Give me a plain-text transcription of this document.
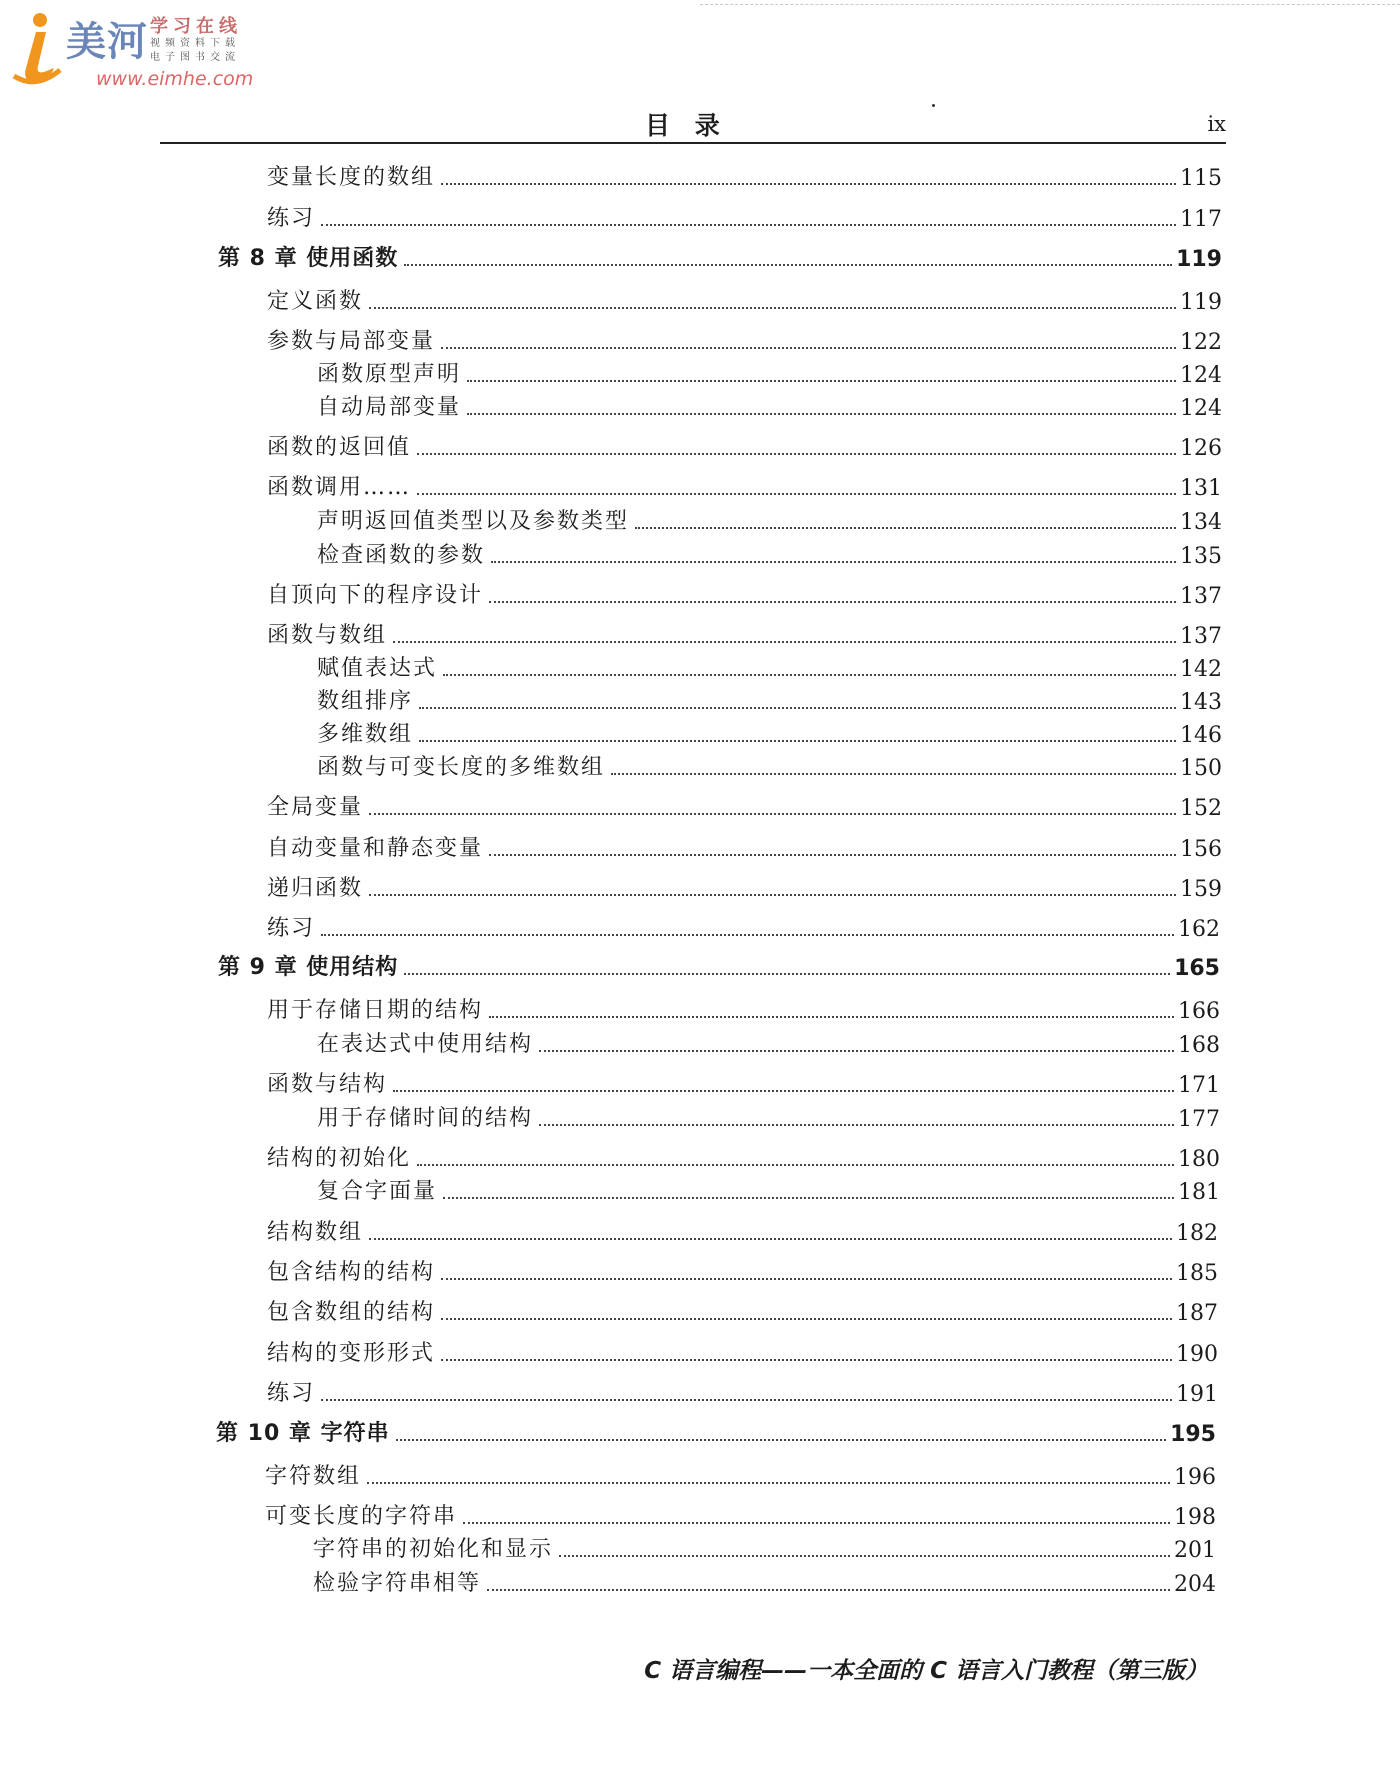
美河 学习在线
视频资料下载
电子图书交流
www.eimhe.com
目 录	ix
变量长度的数组	115
练习	117
第 8 章 使用函数	119
定义函数	119
参数与局部变量	122
函数原型声明	124
自动局部变量	124
函数的返回值	126
函数调用……	131
声明返回值类型以及参数类型	134
检查函数的参数	135
自顶向下的程序设计	137
函数与数组	137
赋值表达式	142
数组排序	143
多维数组	146
函数与可变长度的多维数组	150
全局变量	152
自动变量和静态变量	156
递归函数	159
练习	162
第 9 章 使用结构	165
用于存储日期的结构	166
在表达式中使用结构	168
函数与结构	171
用于存储时间的结构	177
结构的初始化	180
复合字面量	181
结构数组	182
包含结构的结构	185
包含数组的结构	187
结构的变形形式	190
练习	191
第 10 章 字符串	195
字符数组	196
可变长度的字符串	198
字符串的初始化和显示	201
检验字符串相等	204
C 语言编程——一本全面的 C 语言入门教程（第三版）
